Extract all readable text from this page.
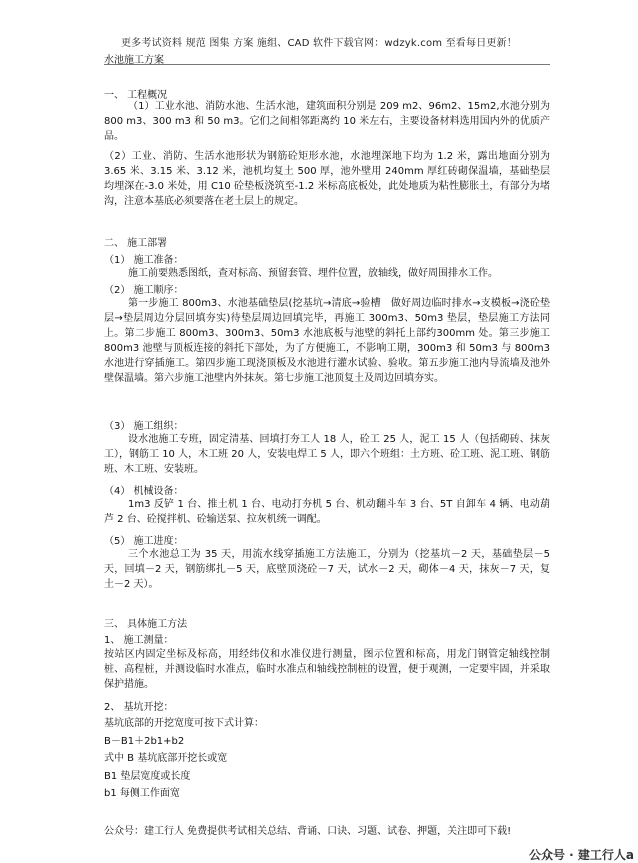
更多考试资料 规范 图集 方案 施组、CAD 软件下载官网：wdzyk.com 至看每日更新！
水池施工方案
一、 工程概况
（1）工业水池、消防水池、生活水池，建筑面积分别是 209 m2、96m2、15m2,水池分别为 800 m3、300 m3 和 50 m3。它们之间相邻距离约 10 米左右，主要设备材料选用国内外的优质产品。
（2）工业、消防、生活水池形状为钢筋砼矩形水池，水池埋深地下均为 1.2 米，露出地面分别为 3.65 米、3.15 米、3.12 米，池机均复土 500 厚，池外壁用 240mm 厚红砖砌保温墙，基础垫层均埋深在-3.0 米处，用 C10 砼垫板浇筑至-1.2 米标高底板处，此处地质为粘性膨胀土，有部分为堵沟，注意本基底必须要落在老土层上的规定。
二、 施工部署
（1） 施工准备：
施工前要熟悉图纸，查对标高、预留套管、埋件位置，放轴线，做好周围排水工作。
（2） 施工顺序：
第一步施工 800m3、水池基础垫层(挖基坑→清底→验槽　做好周边临时排水→支模板→浇砼垫层→垫层周边分层回填夯实)待垫层周边回填完毕，再施工 300m3、50m3 垫层，垫层施工方法同上。第二步施工 800m3、300m3、50m3 水池底板与池壁的斜托上部约300mm 处。第三步施工 800m3 池壁与顶板连接的斜托下部处，为了方便施工，不影响工期，300m3 和 50m3 与 800m3 水池进行穿插施工。第四步施工现浇顶板及水池进行灌水试验、验收。第五步施工池内导流墙及池外壁保温墙。第六步施工池壁内外抹灰。第七步施工池顶复土及周边回填夯实。
（3） 施工组织：
设水池施工专班，固定清基、回填打夯工人 18 人，砼工 25 人，泥工 15 人（包括砌砖、抹灰工），钢筋工 10 人，木工班 20 人，安装电焊工 5 人，即六个班组：土方班、砼工班、泥工班、钢筋班、木工班、安装班。
（4） 机械设备：
1m3 反铲 1 台、推土机 1 台、电动打夯机 5 台、机动翻斗车 3 台、5T 自卸车 4 辆、电动葫芦 2 台、砼搅拌机、砼输送泵、拉灰机统一调配。
（5） 施工进度：
三个水池总工为 35 天，用流水线穿插施工方法施工，分别为（挖基坑－2 天，基础垫层－5 天，回填－2 天，钢筋绑扎－5 天，底壁顶浇砼－7 天，试水－2 天，砌体－4 天，抹灰－7 天，复土－2 天）。
三、 具体施工方法
1、 施工测量：
按站区内固定坐标及标高，用经纬仪和水准仪进行测量，图示位置和标高，用龙门钢管定轴线控制桩、高程桩，并测设临时水准点，临时水准点和轴线控制桩的设置，便于观测，一定要牢固，并采取保护措施。
2、 基坑开挖：
基坑底部的开挖宽度可按下式计算：
B－B1＋2b1+b2
式中 B 基坑底部开挖长或宽
B1 垫层宽度或长度
b1 每侧工作面宽
公众号：建工行人 免费提供考试相关总结、背诵、口诀、习题、试卷、押题，关注即可下载!
公众号 · 建工行人a
